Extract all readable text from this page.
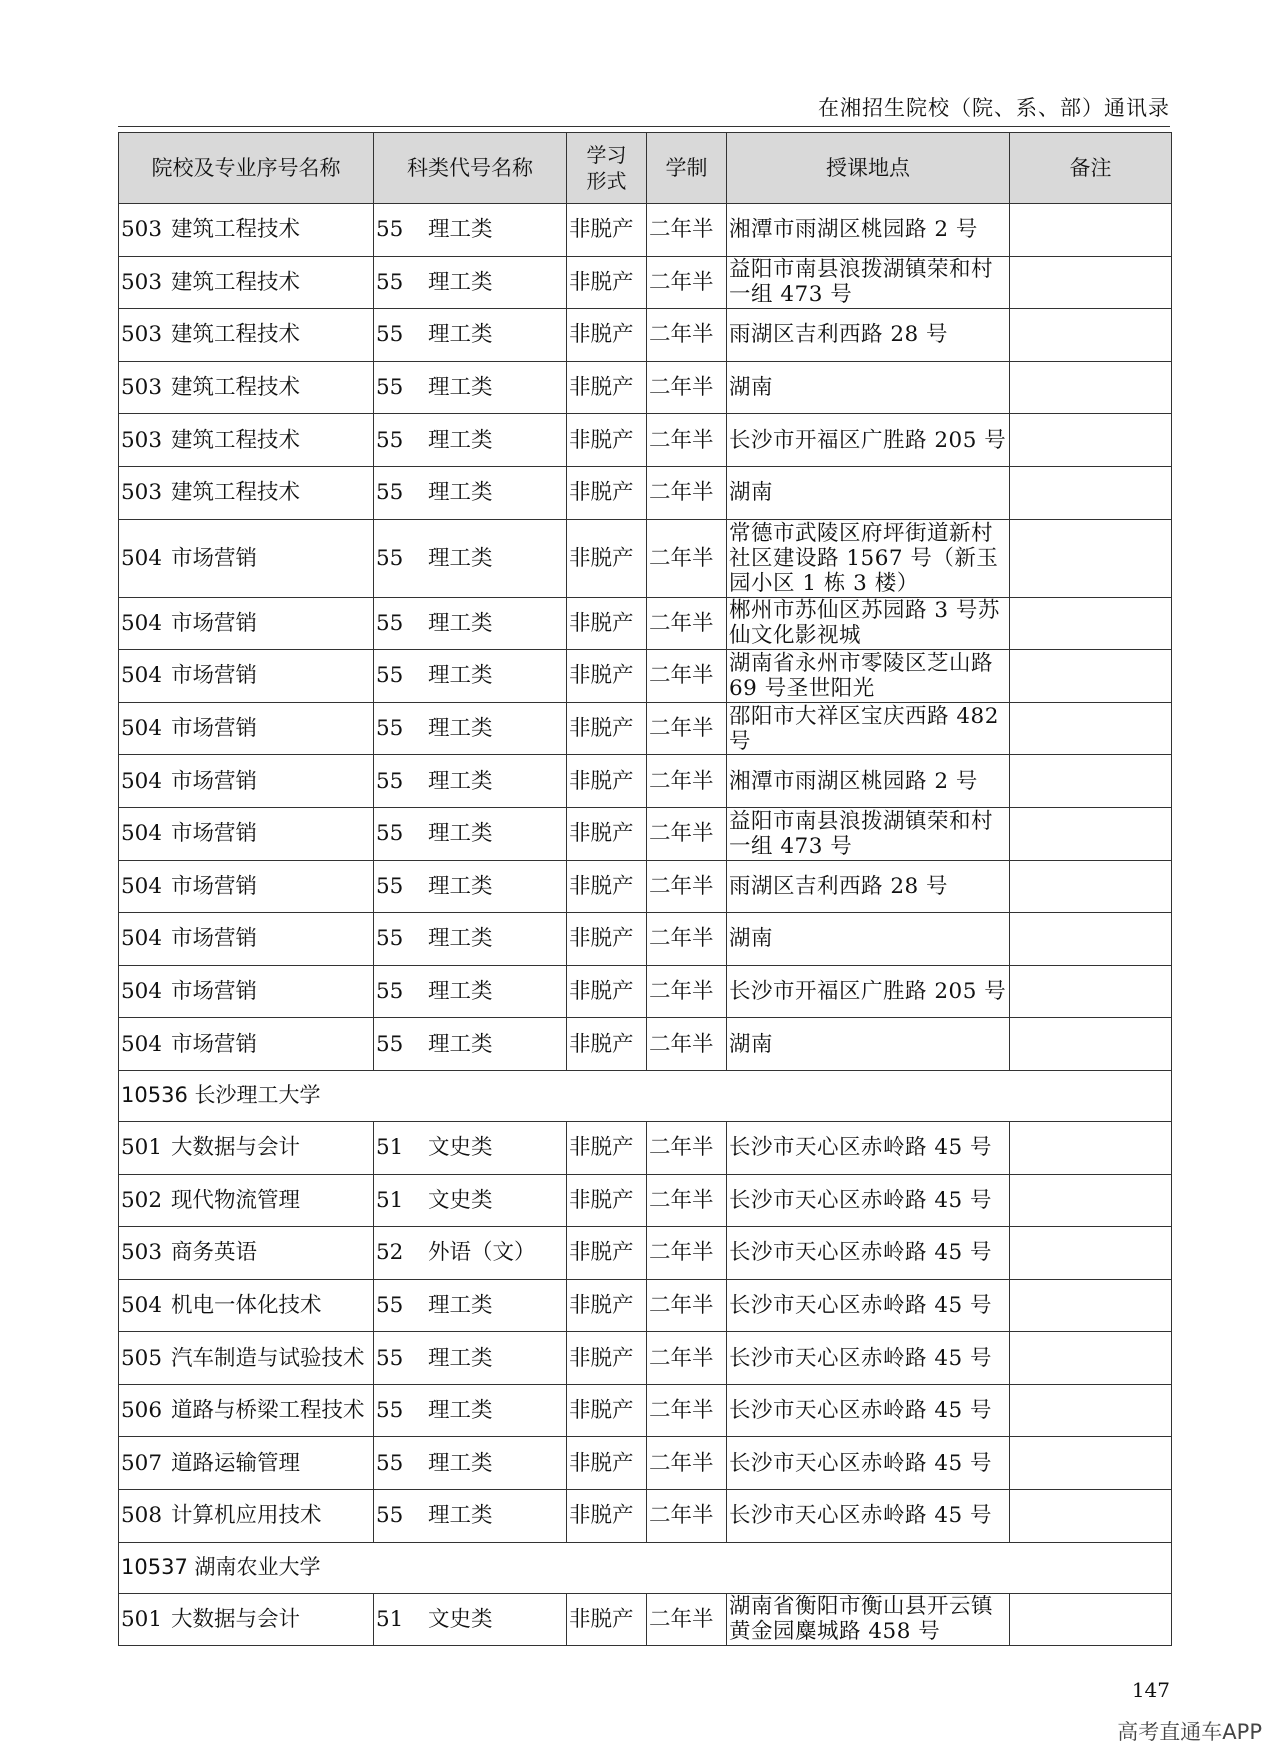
在湘招生院校（院、系、部）通讯录
院校及专业序号名称	科类代号名称	学习形式	学制	授课地点	备注
503 建筑工程技术	55 理工类	非脱产	二年半	湘潭市雨湖区桃园路 2 号	
503 建筑工程技术	55 理工类	非脱产	二年半	益阳市南县浪拨湖镇荣和村一组 473 号	
503 建筑工程技术	55 理工类	非脱产	二年半	雨湖区吉利西路 28 号	
503 建筑工程技术	55 理工类	非脱产	二年半	湖南	
503 建筑工程技术	55 理工类	非脱产	二年半	长沙市开福区广胜路 205 号	
503 建筑工程技术	55 理工类	非脱产	二年半	湖南	
504 市场营销	55 理工类	非脱产	二年半	常德市武陵区府坪街道新村社区建设路 1567 号（新玉园小区 1 栋 3 楼）	
504 市场营销	55 理工类	非脱产	二年半	郴州市苏仙区苏园路 3 号苏仙文化影视城	
504 市场营销	55 理工类	非脱产	二年半	湖南省永州市零陵区芝山路 69 号圣世阳光	
504 市场营销	55 理工类	非脱产	二年半	邵阳市大祥区宝庆西路 482 号	
504 市场营销	55 理工类	非脱产	二年半	湘潭市雨湖区桃园路 2 号	
504 市场营销	55 理工类	非脱产	二年半	益阳市南县浪拨湖镇荣和村一组 473 号	
504 市场营销	55 理工类	非脱产	二年半	雨湖区吉利西路 28 号	
504 市场营销	55 理工类	非脱产	二年半	湖南	
504 市场营销	55 理工类	非脱产	二年半	长沙市开福区广胜路 205 号	
504 市场营销	55 理工类	非脱产	二年半	湖南	
10536 长沙理工大学					
501 大数据与会计	51 文史类	非脱产	二年半	长沙市天心区赤岭路 45 号	
502 现代物流管理	51 文史类	非脱产	二年半	长沙市天心区赤岭路 45 号	
503 商务英语	52 外语（文）	非脱产	二年半	长沙市天心区赤岭路 45 号	
504 机电一体化技术	55 理工类	非脱产	二年半	长沙市天心区赤岭路 45 号	
505 汽车制造与试验技术	55 理工类	非脱产	二年半	长沙市天心区赤岭路 45 号	
506 道路与桥梁工程技术	55 理工类	非脱产	二年半	长沙市天心区赤岭路 45 号	
507 道路运输管理	55 理工类	非脱产	二年半	长沙市天心区赤岭路 45 号	
508 计算机应用技术	55 理工类	非脱产	二年半	长沙市天心区赤岭路 45 号	
10537 湖南农业大学					
501 大数据与会计	51 文史类	非脱产	二年半	湖南省衡阳市衡山县开云镇黄金园麋城路 458 号	
147
高考直通车APP
